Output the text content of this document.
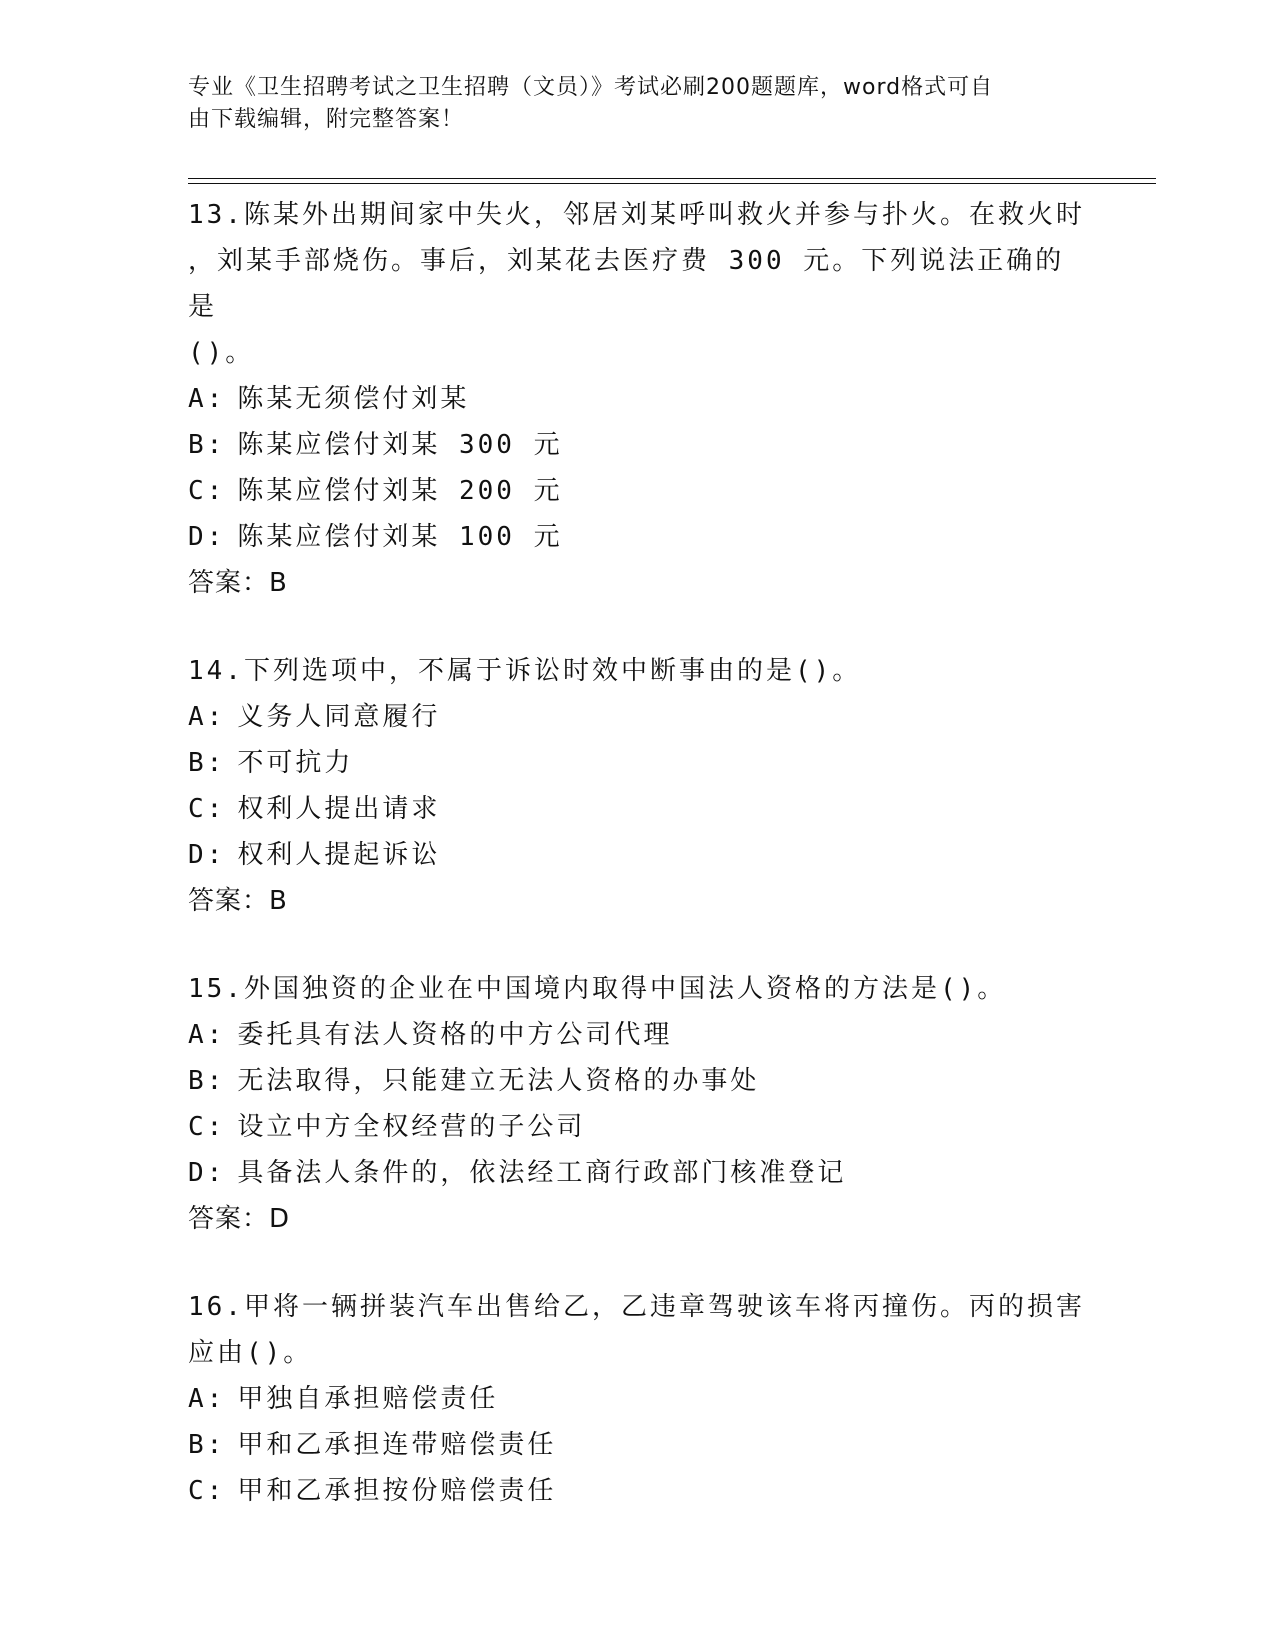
专业《卫生招聘考试之卫生招聘（文员）》考试必刷200题题库，word格式可自
由下载编辑，附完整答案！

13.陈某外出期间家中失火，邻居刘某呼叫救火并参与扑火。在救火时

，刘某手部烧伤。事后，刘某花去医疗费 300 元。下列说法正确的是

()。

A: 陈某无须偿付刘某

B: 陈某应偿付刘某 300 元

C: 陈某应偿付刘某 200 元

D: 陈某应偿付刘某 100 元

答案：B

14.下列选项中，不属于诉讼时效中断事由的是()。

A: 义务人同意履行

B: 不可抗力

C: 权利人提出请求

D: 权利人提起诉讼

答案：B

15.外国独资的企业在中国境内取得中国法人资格的方法是()。

A: 委托具有法人资格的中方公司代理

B: 无法取得，只能建立无法人资格的办事处

C: 设立中方全权经营的子公司

D: 具备法人条件的，依法经工商行政部门核准登记

答案：D

16.甲将一辆拼装汽车出售给乙，乙违章驾驶该车将丙撞伤。丙的损害

应由()。

A: 甲独自承担赔偿责任

B: 甲和乙承担连带赔偿责任

C: 甲和乙承担按份赔偿责任
